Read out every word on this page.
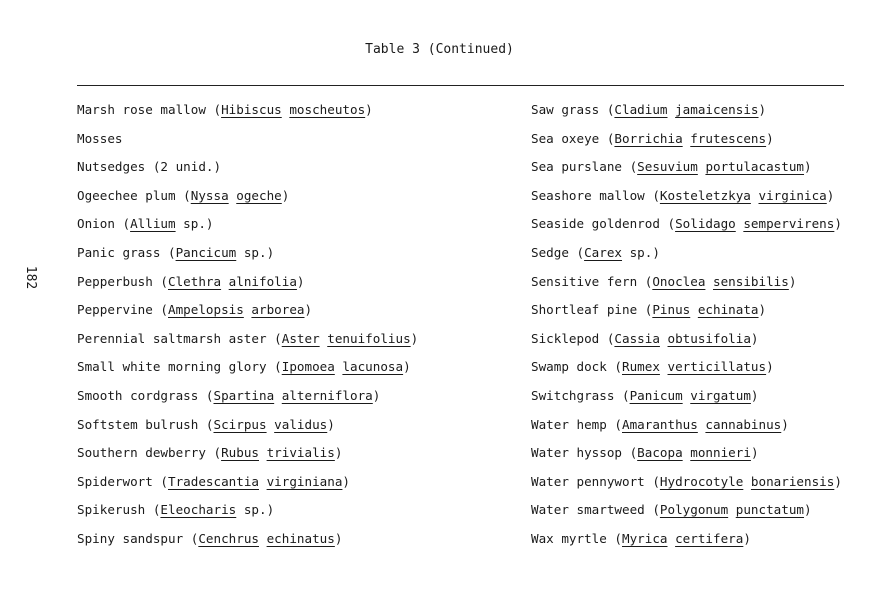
Table 3 (Continued)
182
Marsh rose mallow (Hibiscus moscheutos)
Mosses
Nutsedges (2 unid.)
Ogeechee plum (Nyssa ogeche)
Onion (Allium sp.)
Panic grass (Pancicum sp.)
Pepperbush (Clethra alnifolia)
Peppervine (Ampelopsis arborea)
Perennial saltmarsh aster (Aster tenuifolius)
Small white morning glory (Ipomoea lacunosa)
Smooth cordgrass (Spartina alterniflora)
Softstem bulrush (Scirpus validus)
Southern dewberry (Rubus trivialis)
Spiderwort (Tradescantia virginiana)
Spikerush (Eleocharis sp.)
Spiny sandspur (Cenchrus echinatus)
Saw grass (Cladium jamaicensis)
Sea oxeye (Borrichia frutescens)
Sea purslane (Sesuvium portulacastum)
Seashore mallow (Kosteletzkya virginica)
Seaside goldenrod (Solidago sempervirens)
Sedge (Carex sp.)
Sensitive fern (Onoclea sensibilis)
Shortleaf pine (Pinus echinata)
Sicklepod (Cassia obtusifolia)
Swamp dock (Rumex verticillatus)
Switchgrass (Panicum virgatum)
Water hemp (Amaranthus cannabinus)
Water hyssop (Bacopa monnieri)
Water pennywort (Hydrocotyle bonariensis)
Water smartweed (Polygonum punctatum)
Wax myrtle (Myrica certifera)
